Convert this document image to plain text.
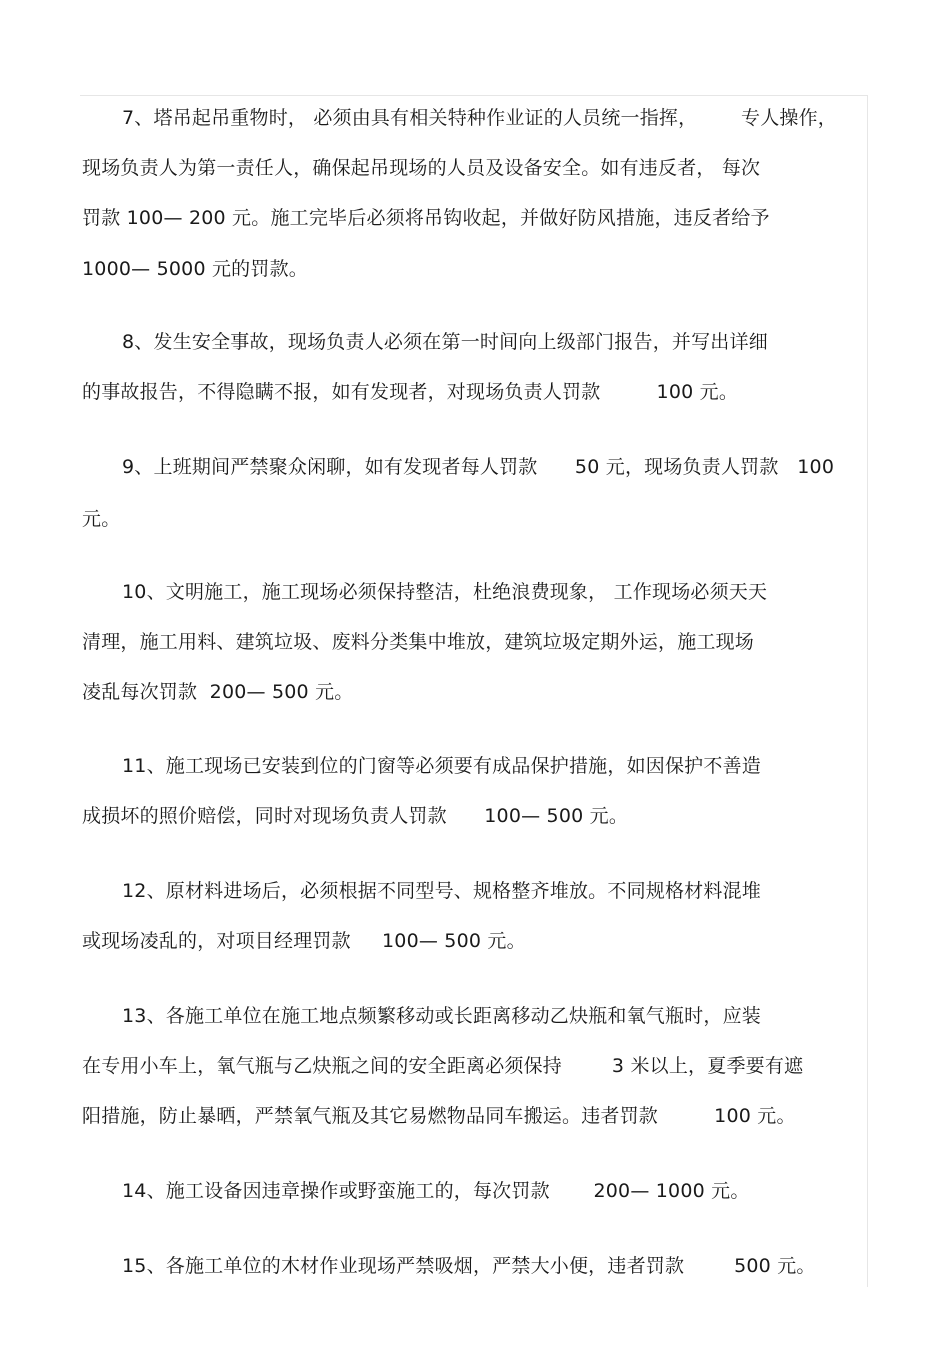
7、塔吊起吊重物时， 必须由具有相关特种作业证的人员统一指挥，       专人操作，
现场负责人为第一责任人，确保起吊现场的人员及设备安全。如有违反者， 每次
罚款 100— 200 元。施工完毕后必须将吊钩收起，并做好防风措施，违反者给予
1000— 5000 元的罚款。
8、发生安全事故，现场负责人必须在第一时间向上级部门报告，并写出详细
的事故报告，不得隐瞒不报，如有发现者，对现场负责人罚款         100 元。
9、上班期间严禁聚众闲聊，如有发现者每人罚款      50 元，现场负责人罚款   100
元。
10、文明施工，施工现场必须保持整洁，杜绝浪费现象， 工作现场必须天天
清理，施工用料、建筑垃圾、废料分类集中堆放，建筑垃圾定期外运，施工现场
凌乱每次罚款  200— 500 元。
11、施工现场已安装到位的门窗等必须要有成品保护措施，如因保护不善造
成损坏的照价赔偿，同时对现场负责人罚款      100— 500 元。
12、原材料进场后，必须根据不同型号、规格整齐堆放。不同规格材料混堆
或现场凌乱的，对项目经理罚款     100— 500 元。
13、各施工单位在施工地点频繁移动或长距离移动乙炔瓶和氧气瓶时，应装
在专用小车上，氧气瓶与乙炔瓶之间的安全距离必须保持        3 米以上，夏季要有遮
阳措施，防止暴晒，严禁氧气瓶及其它易燃物品同车搬运。违者罚款         100 元。
14、施工设备因违章操作或野蛮施工的，每次罚款       200— 1000 元。
15、各施工单位的木材作业现场严禁吸烟，严禁大小便，违者罚款        500 元。
